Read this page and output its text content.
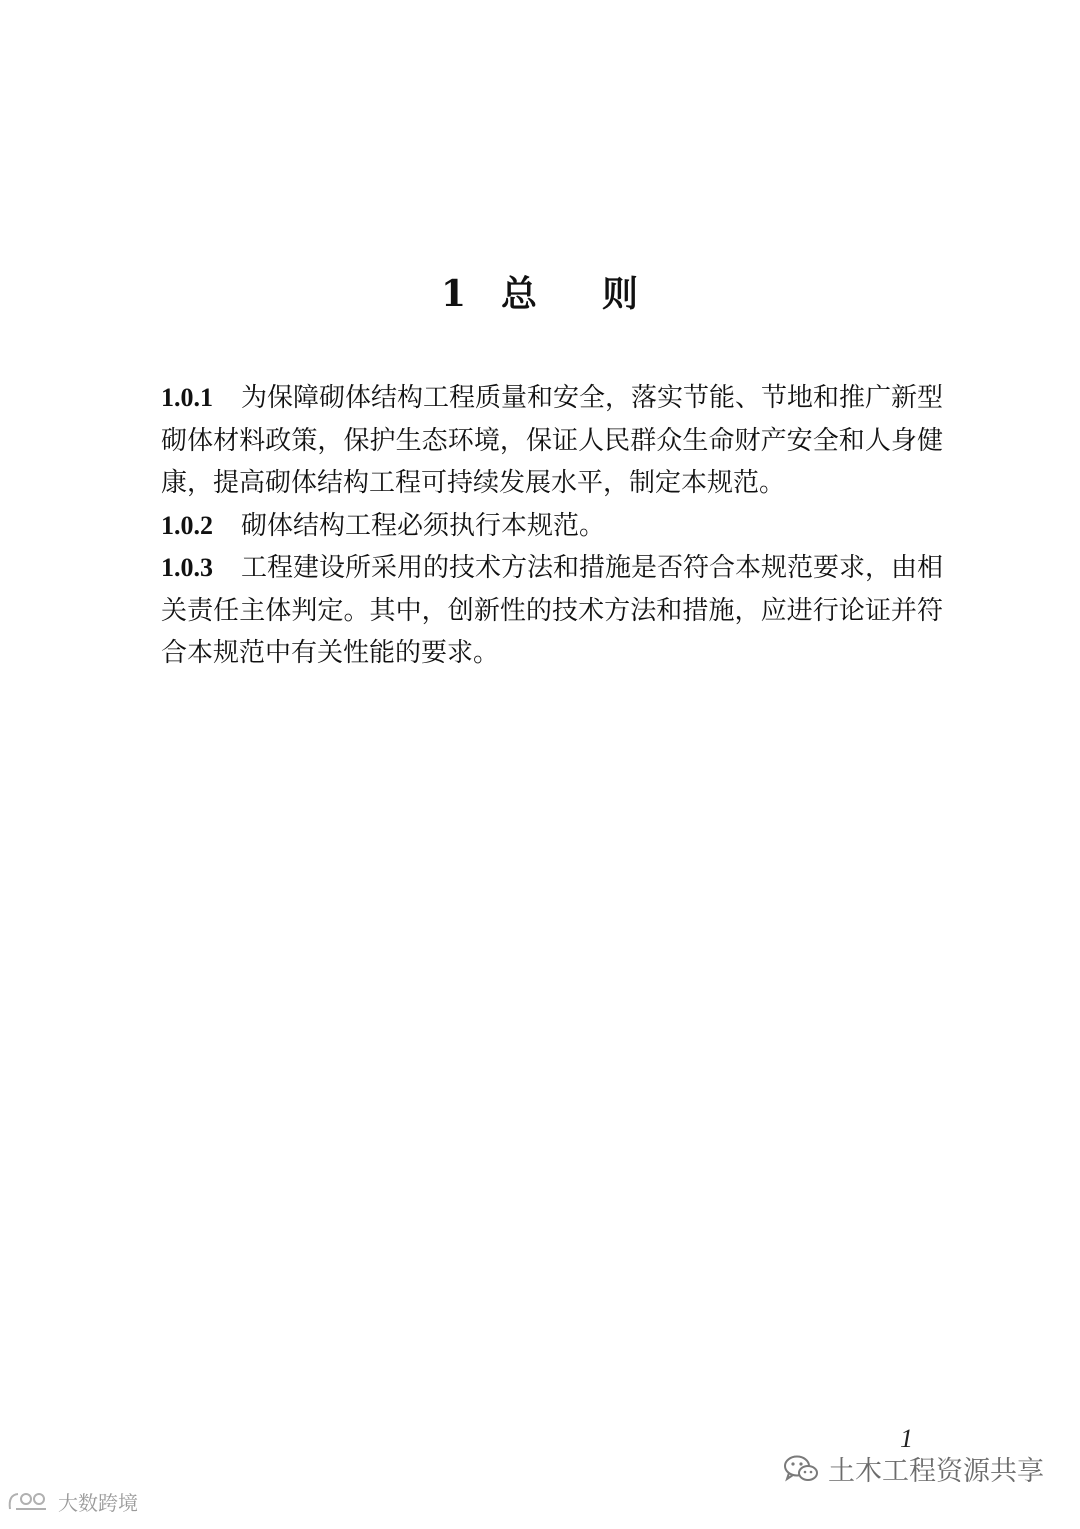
1 总 则

1.0.1 为保障砌体结构工程质量和安全，落实节能、节地和推广新型砌体材料政策，保护生态环境，保证人民群众生命财产安全和人身健康，提高砌体结构工程可持续发展水平，制定本规范。

1.0.2 砌体结构工程必须执行本规范。

1.0.3 工程建设所采用的技术方法和措施是否符合本规范要求，由相关责任主体判定。其中，创新性的技术方法和措施，应进行论证并符合本规范中有关性能的要求。

1
土木工程资源共享
大数跨境
